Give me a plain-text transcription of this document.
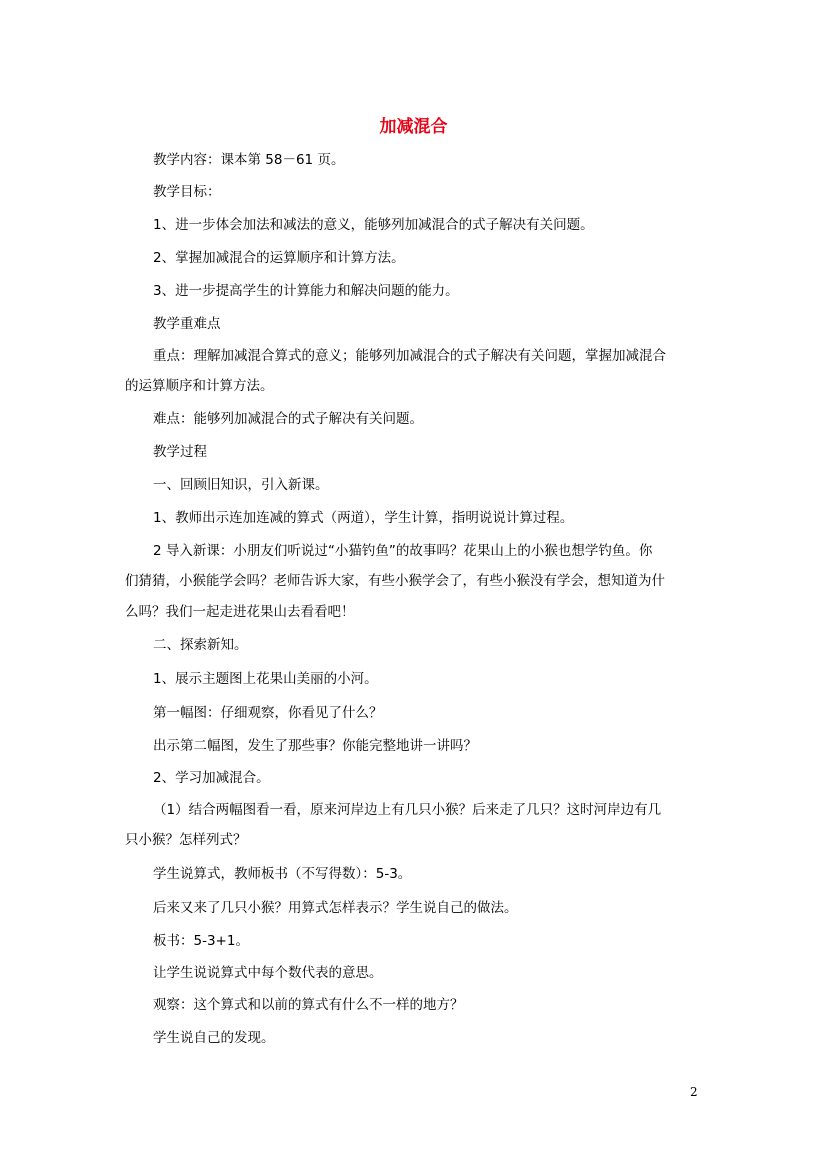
加减混合

教学内容：课本第 58－61 页。

教学目标：

1、进一步体会加法和减法的意义，能够列加减混合的式子解决有关问题。

2、掌握加减混合的运算顺序和计算方法。

3、进一步提高学生的计算能力和解决问题的能力。

教学重难点

重点：理解加减混合算式的意义；能够列加减混合的式子解决有关问题，掌握加减混合

的运算顺序和计算方法。

难点：能够列加减混合的式子解决有关问题。

教学过程

一、回顾旧知识，引入新课。

1、教师出示连加连减的算式（两道），学生计算，指明说说计算过程。

2 导入新课：小朋友们听说过“小猫钓鱼”的故事吗？花果山上的小猴也想学钓鱼。你

们猜猜，小猴能学会吗？老师告诉大家，有些小猴学会了，有些小猴没有学会，想知道为什

么吗？我们一起走进花果山去看看吧！

二、探索新知。

1、展示主题图上花果山美丽的小河。

第一幅图：仔细观察，你看见了什么？

出示第二幅图，发生了那些事？你能完整地讲一讲吗？

2、学习加减混合。

（1）结合两幅图看一看，原来河岸边上有几只小猴？后来走了几只？这时河岸边有几

只小猴？怎样列式？

学生说算式，教师板书（不写得数）：5-3。

后来又来了几只小猴？用算式怎样表示？学生说自己的做法。

板书：5-3+1。

让学生说说算式中每个数代表的意思。

观察：这个算式和以前的算式有什么不一样的地方？

学生说自己的发现。

2
